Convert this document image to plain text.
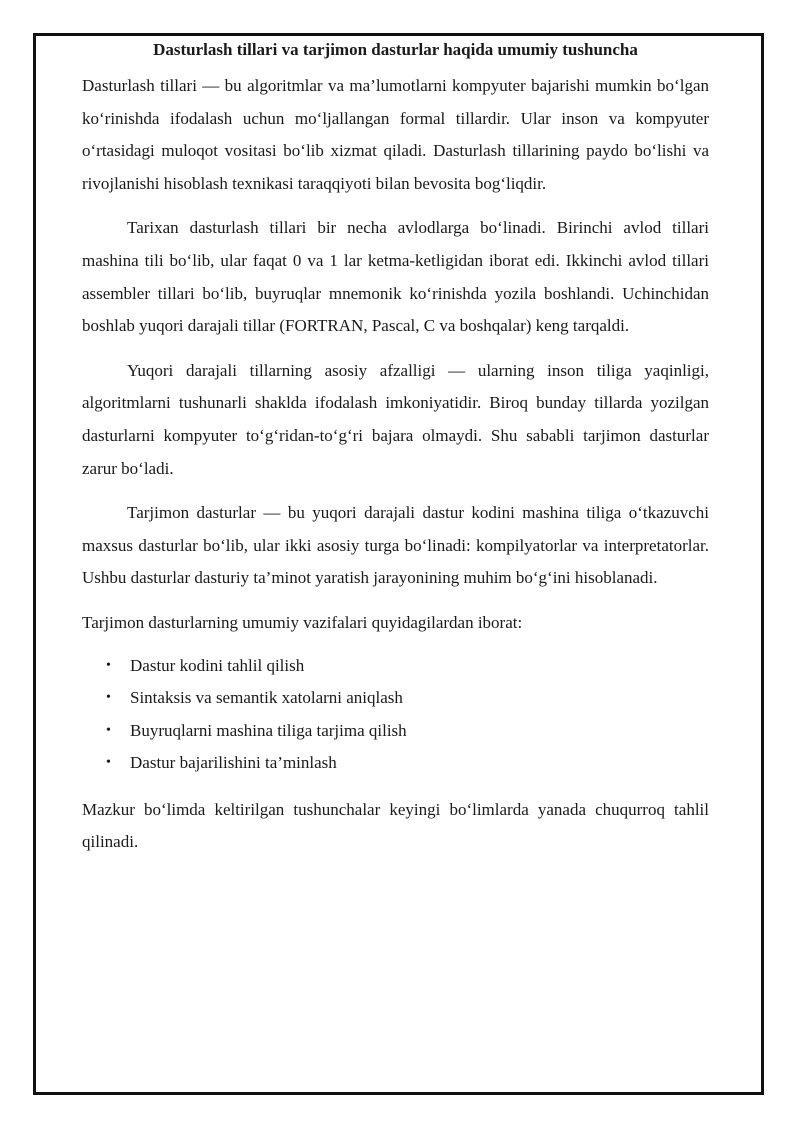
Dasturlash tillari va tarjimon dasturlar haqida umumiy tushuncha

Dasturlash tillari — bu algoritmlar va ma’lumotlarni kompyuter bajarishi mumkin bo‘lgan ko‘rinishda ifodalash uchun mo‘ljallangan formal tillardir. Ular inson va kompyuter o‘rtasidagi muloqot vositasi bo‘lib xizmat qiladi. Dasturlash tillarining paydo bo‘lishi va rivojlanishi hisoblash texnikasi taraqqiyoti bilan bevosita bog‘liqdir.

Tarixan dasturlash tillari bir necha avlodlarga bo‘linadi. Birinchi avlod tillari mashina tili bo‘lib, ular faqat 0 va 1 lar ketma-ketligidan iborat edi. Ikkinchi avlod tillari assembler tillari bo‘lib, buyruqlar mnemonik ko‘rinishda yozila boshlandi. Uchinchidan boshlab yuqori darajali tillar (FORTRAN, Pascal, C va boshqalar) keng tarqaldi.

Yuqori darajali tillarning asosiy afzalligi — ularning inson tiliga yaqinligi, algoritmlarni tushunarli shaklda ifodalash imkoniyatidir. Biroq bunday tillarda yozilgan dasturlarni kompyuter to‘g‘ridan-to‘g‘ri bajara olmaydi. Shu sababli tarjimon dasturlar zarur bo‘ladi.

Tarjimon dasturlar — bu yuqori darajali dastur kodini mashina tiliga o‘tkazuvchi maxsus dasturlar bo‘lib, ular ikki asosiy turga bo‘linadi: kompilyatorlar va interpretatorlar. Ushbu dasturlar dasturiy ta’minot yaratish jarayonining muhim bo‘g‘ini hisoblanadi.

Tarjimon dasturlarning umumiy vazifalari quyidagilardan iborat:

• Dastur kodini tahlil qilish
• Sintaksis va semantik xatolarni aniqlash
• Buyruqlarni mashina tiliga tarjima qilish
• Dastur bajarilishini ta’minlash

Mazkur bo‘limda keltirilgan tushunchalar keyingi bo‘limlarda yanada chuqurroq tahlil qilinadi.
